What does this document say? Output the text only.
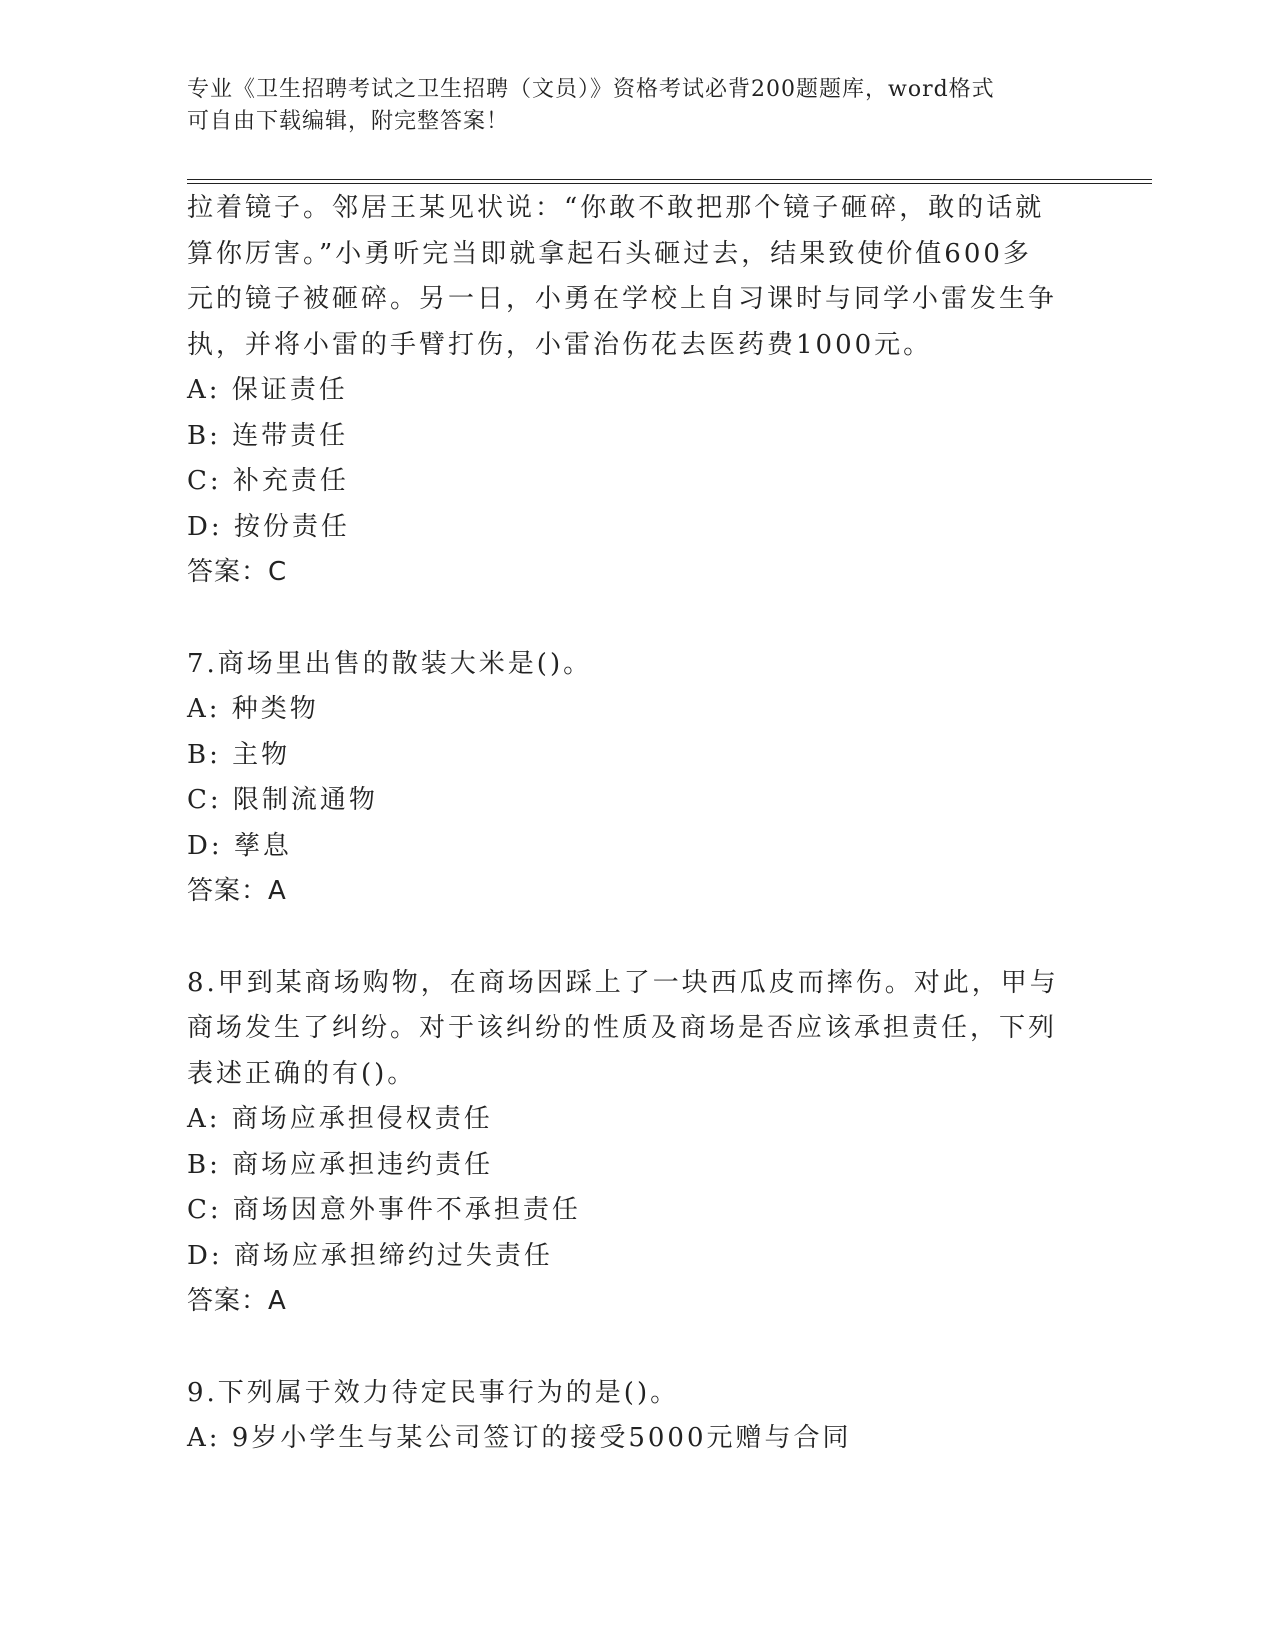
专业《卫生招聘考试之卫生招聘（文员）》资格考试必背200题题库，word格式
可自由下载编辑，附完整答案！
拉着镜子。邻居王某见状说：“你敢不敢把那个镜子砸碎，敢的话就
算你厉害。”小勇听完当即就拿起石头砸过去，结果致使价值600多
元的镜子被砸碎。另一日，小勇在学校上自习课时与同学小雷发生争
执，并将小雷的手臂打伤，小雷治伤花去医药费1000元。
A: 保证责任
B: 连带责任
C: 补充责任
D: 按份责任
答案：C
7.商场里出售的散装大米是()。
A: 种类物
B: 主物
C: 限制流通物
D: 孳息
答案：A
8.甲到某商场购物，在商场因踩上了一块西瓜皮而摔伤。对此，甲与
商场发生了纠纷。对于该纠纷的性质及商场是否应该承担责任，下列
表述正确的有()。
A: 商场应承担侵权责任
B: 商场应承担违约责任
C: 商场因意外事件不承担责任
D: 商场应承担缔约过失责任
答案：A
9.下列属于效力待定民事行为的是()。
A: 9岁小学生与某公司签订的接受5000元赠与合同
